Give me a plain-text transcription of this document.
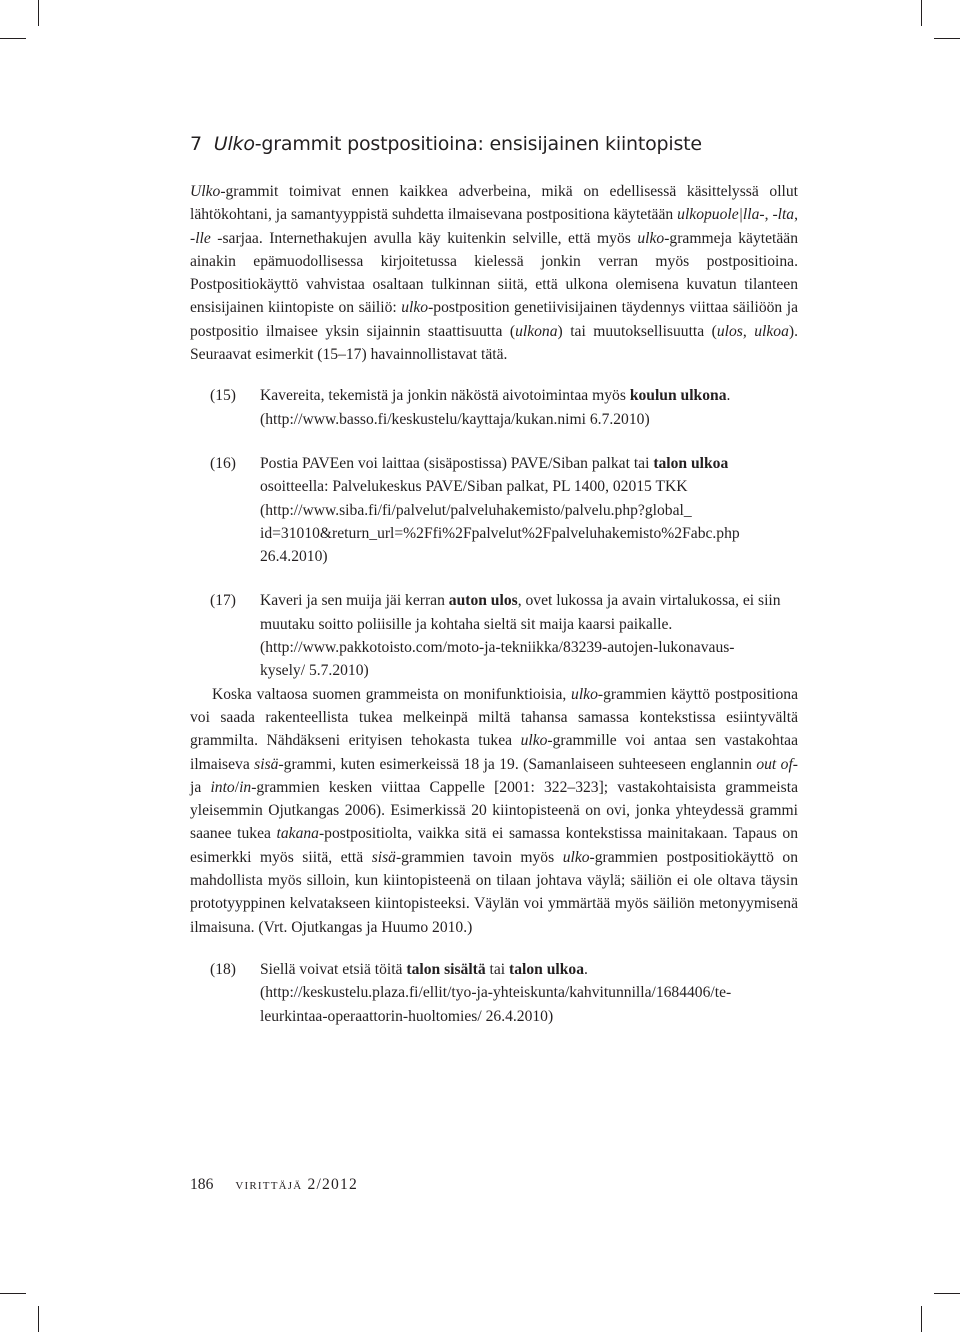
7 Ulko-grammit postpositioina: ensisijainen kiintopiste

Ulko-grammit toimivat ennen kaikkea adverbeina, mikä on edellisessä käsittelyssä ollut lähtökohtani, ja samantyyppistä suhdetta ilmaisevana postpositiona käytetään ulkopuole|lla-, -lta, -lle -sarjaa. Internethakujen avulla käy kuitenkin selville, että myös ulko-grammeja käytetään ainakin epämuodollisessa kirjoitetussa kielessä jonkin verran myös postpositioina. Postpositiokäyttö vahvistaa osaltaan tulkinnan siitä, että ulkona olemisena kuvatun tilanteen ensisijainen kiintopiste on säiliö: ulko-postposition genetiivisijainen täydennys viittaa säiliöön ja postpositio ilmaisee yksin sijainnin staattisuutta (ulkona) tai muutoksellisuutta (ulos, ulkoa). Seuraavat esimerkit (15–17) havainnollistavat tätä.

(15) Kavereita, tekemistä ja jonkin näköstä aivotoimintaa myös koulun ulkona.
(http://www.basso.fi/keskustelu/kayttaja/kukan.nimi 6.7.2010)
(16) Postia PAVEen voi laittaa (sisäpostissa) PAVE/Siban palkat tai talon ulkoa osoitteella: Palvelukeskus PAVE/Siban palkat, PL 1400, 02015 TKK
(http://www.siba.fi/fi/palvelut/palveluhakemisto/palvelu.php?global_
id=31010&return_url=%2Ffi%2Fpalvelut%2Fpalveluhakemisto%2Fabc.php
26.4.2010)
(17) Kaveri ja sen muija jäi kerran auton ulos, ovet lukossa ja avain virtalukossa, ei siin muutaku soitto poliisille ja kohtaha sieltä sit maija kaarsi paikalle.
(http://www.pakkotoisto.com/moto-ja-tekniikka/83239-autojen-lukonavaus-
kysely/ 5.7.2010)

Koska valtaosa suomen grammeista on monifunktioisia, ulko-grammien käyttö postpositiona voi saada rakenteellista tukea melkeinpä miltä tahansa samassa kontekstissa esiintyvältä grammilta. Nähdäkseni erityisen tehokasta tukea ulko-grammille voi antaa sen vastakohtaa ilmaiseva sisä-grammi, kuten esimerkeissä 18 ja 19. (Samanlaiseen suhteeseen englannin out of- ja into/in-grammien kesken viittaa Cappelle [2001: 322–323]; vastakohtaisista grammeista yleisemmin Ojutkangas 2006). Esimerkissä 20 kiintopisteenä on ovi, jonka yhteydessä grammi saanee tukea takana-postpositiolta, vaikka sitä ei samassa kontekstissa mainitakaan. Tapaus on esimerkki myös siitä, että sisä-grammien tavoin myös ulko-grammien postpositiokäyttö on mahdollista myös silloin, kun kiintopisteenä on tilaan johtava väylä; säiliön ei ole oltava täysin prototyyppinen kelvatakseen kiintopisteeksi. Väylän voi ymmärtää myös säiliön metonyymisenä ilmaisuna. (Vrt. Ojutkangas ja Huumo 2010.)

(18) Siellä voivat etsiä töitä talon sisältä tai talon ulkoa.
(http://keskustelu.plaza.fi/ellit/tyo-ja-yhteiskunta/kahvitunnilla/1684406/te-
leurkintaa-operaattorin-huoltomies/ 26.4.2010)
186 virittäjä 2/2012
